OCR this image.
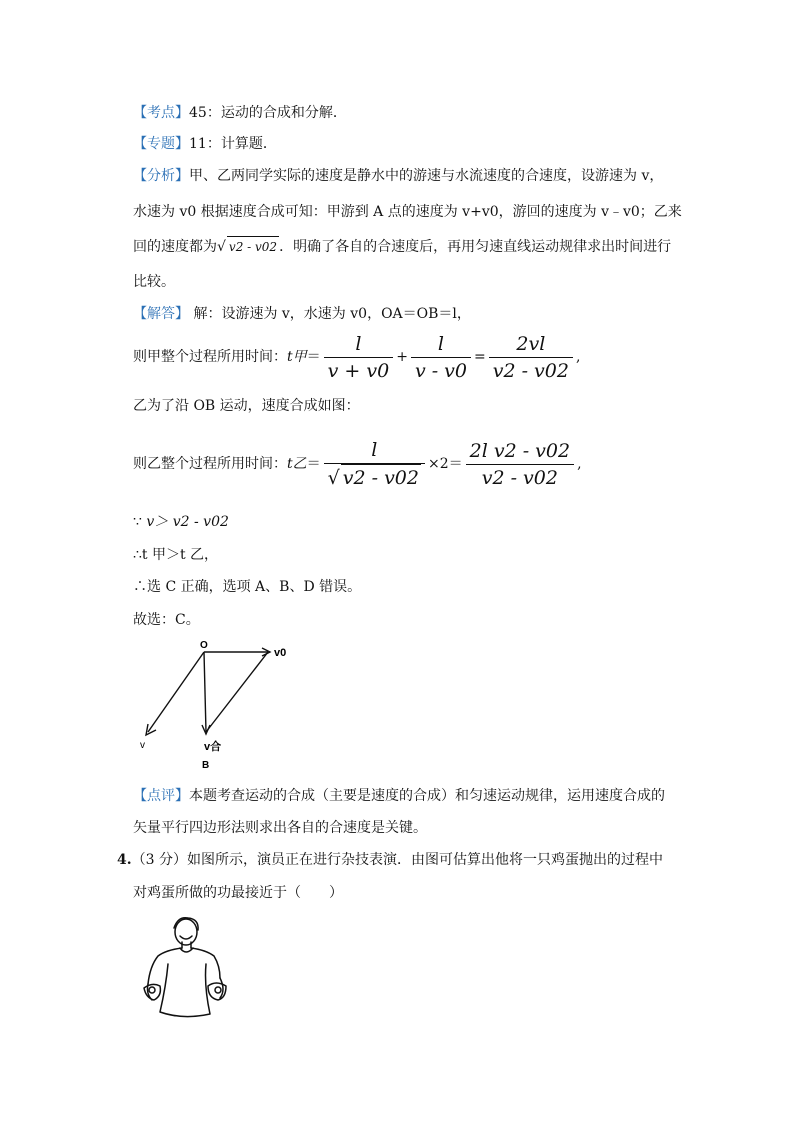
【考点】45：运动的合成和分解．
【专题】11：计算题．
【分析】甲、乙两同学实际的速度是静水中的游速与水流速度的合速度，设游速为 v，
水速为 v0 根据速度合成可知：甲游到 A 点的速度为 v+v0，游回的速度为 v﹣v0；乙来
回的速度都为√ v2 - v02 ．明确了各自的合速度后，再用匀速直线运动规律求出时间进行
比较。
【解答】 解：设游速为 v，水速为 v0，OA＝OB＝l，
则甲整个过程所用时间：t甲＝ $\frac{l}{v + v0} + \frac{l}{v - v0} = \frac{2vl}{v2 - v02}$ ,
乙为了沿 OB 运动，速度合成如图：
则乙整个过程所用时间：t乙＝ $\frac{l}{√ v2 - v02} \times 2= \frac{\text{2l v2 - v02}}{v2 - v02}$ ,
∵ v＞ v2 - v02
∴t 甲＞t 乙，
∴选 C 正确，选项 A、B、D 错误。
故选：C。
O
v0
v	v合
B
【点评】本题考查运动的合成（主要是速度的合成）和匀速运动规律，运用速度合成的
矢量平行四边形法则求出各自的合速度是关键。
4.（3 分）如图所示，演员正在进行杂技表演．由图可估算出他将一只鸡蛋抛出的过程中
对鸡蛋所做的功最接近于（　　）
